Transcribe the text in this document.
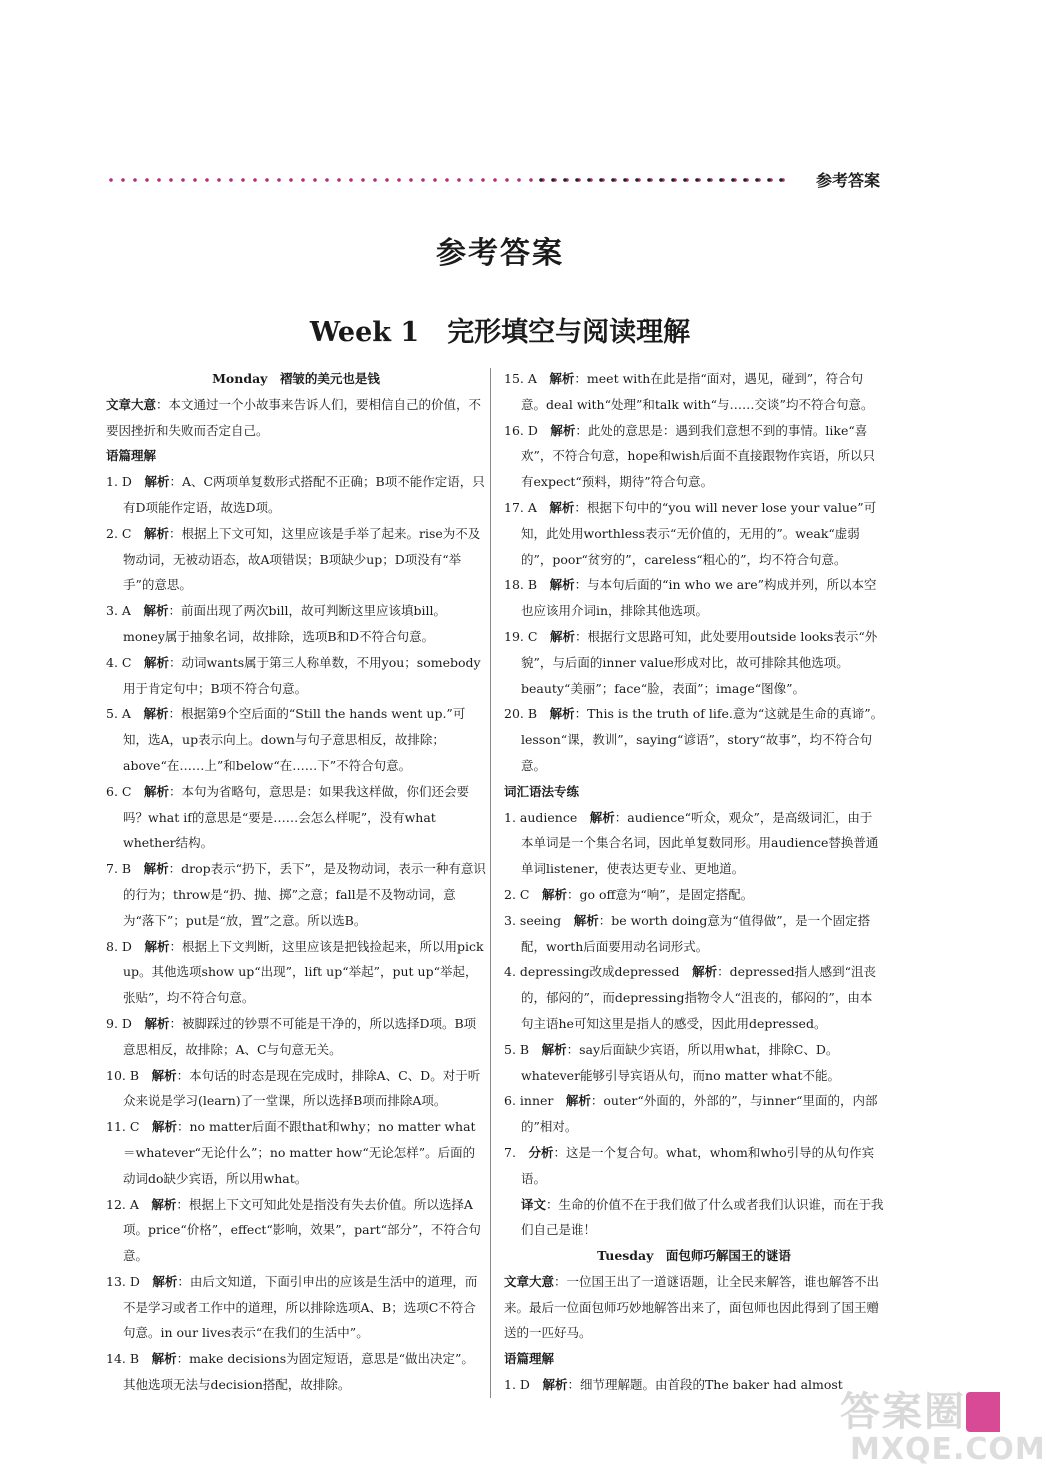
参考答案
参考答案
Week 1 完形填空与阅读理解
Monday　褶皱的美元也是钱
文章大意：本文通过一个小故事来告诉人们，要相信自己的价值，不要因挫折和失败而否定自己。
语篇理解
1. D　 解析：A、C两项单复数形式搭配不正确；B项不能作定语，只有D项能作定语，故选D项。
2. C　 解析：根据上下文可知，这里应该是手举了起来。rise为不及物动词，无被动语态，故A项错误；B项缺少up；D项没有“举手”的意思。
3. A　 解析：前面出现了两次bill，故可判断这里应该填bill。money属于抽象名词，故排除，选项B和D不符合句意。
4. C　 解析：动词wants属于第三人称单数，不用you；somebody用于肯定句中；B项不符合句意。
5. A　 解析：根据第9个空后面的“Still the hands went up.”可知，选A，up表示向上。down与句子意思相反，故排除；above“在……上”和below“在……下”不符合句意。
6. C　 解析：本句为省略句，意思是：如果我这样做，你们还会要吗？what if的意思是“要是……会怎么样呢”，没有what whether结构。
7. B　 解析：drop表示“扔下，丢下”，是及物动词，表示一种有意识的行为；throw是“扔、抛、掷”之意；fall是不及物动词，意为“落下”；put是“放，置”之意。所以选B。
8. D　 解析：根据上下文判断，这里应该是把钱捡起来，所以用pick up。其他选项show up“出现”，lift up“举起”，put up“举起，张贴”，均不符合句意。
9. D　 解析：被脚踩过的钞票不可能是干净的，所以选择D项。B项意思相反，故排除；A、C与句意无关。
10. B　 解析：本句话的时态是现在完成时，排除A、C、D。对于听众来说是学习(learn)了一堂课，所以选择B项而排除A项。
11. C　 解析：no matter后面不跟that和why；no matter what＝whatever“无论什么”；no matter how“无论怎样”。后面的动词do缺少宾语，所以用what。
12. A　 解析：根据上下文可知此处是指没有失去价值。所以选择A项。price“价格”，effect“影响，效果”，part“部分”，不符合句意。
13. D　 解析：由后文知道，下面引申出的应该是生活中的道理，而不是学习或者工作中的道理，所以排除选项A、B；选项C不符合句意。in our lives表示“在我们的生活中”。
14. B　 解析：make decisions为固定短语，意思是“做出决定”。其他选项无法与decision搭配，故排除。
15. A　 解析：meet with在此是指“面对，遇见，碰到”，符合句意。deal with“处理”和talk with“与……交谈”均不符合句意。
16. D　 解析：此处的意思是：遇到我们意想不到的事情。like“喜欢”，不符合句意，hope和wish后面不直接跟物作宾语，所以只有expect“预料，期待”符合句意。
17. A　 解析：根据下句中的“you will never lose your value”可知，此处用worthless表示“无价值的，无用的”。weak“虚弱的”，poor“贫穷的”，careless“粗心的”，均不符合句意。
18. B　 解析：与本句后面的“in who we are”构成并列，所以本空也应该用介词in，排除其他选项。
19. C　 解析：根据行文思路可知，此处要用outside looks表示“外貌”，与后面的inner value形成对比，故可排除其他选项。beauty“美丽”；face“脸，表面”；image“图像”。
20. B　 解析：This is the truth of life.意为“这就是生命的真谛”。lesson“课，教训”，saying“谚语”，story“故事”，均不符合句意。
词汇语法专练
1. audience　 解析：audience“听众，观众”，是高级词汇，由于本单词是一个集合名词，因此单复数同形。用audience替换普通单词listener，使表达更专业、更地道。
2. C　 解析：go off意为“响”，是固定搭配。
3. seeing　 解析：be worth doing意为“值得做”，是一个固定搭配，worth后面要用动名词形式。
4. depressing改成depressed　 解析：depressed指人感到“沮丧的，郁闷的”，而depressing指物令人“沮丧的，郁闷的”，由本句主语he可知这里是指人的感受，因此用depressed。
5. B　 解析：say后面缺少宾语，所以用what，排除C、D。whatever能够引导宾语从句，而no matter what不能。
6. inner　 解析：outer“外面的，外部的”，与inner“里面的，内部的”相对。
7.　 分析：这是一个复合句。what，whom和who引导的从句作宾语。
译文：生命的价值不在于我们做了什么或者我们认识谁，而在于我们自己是谁！
Tuesday　面包师巧解国王的谜语
文章大意：一位国王出了一道谜语题，让全民来解答，谁也解答不出来。最后一位面包师巧妙地解答出来了，面包师也因此得到了国王赠送的一匹好马。
语篇理解
1. D　 解析：细节理解题。由首段的The baker had almost
答案圈
MXQE.COM
